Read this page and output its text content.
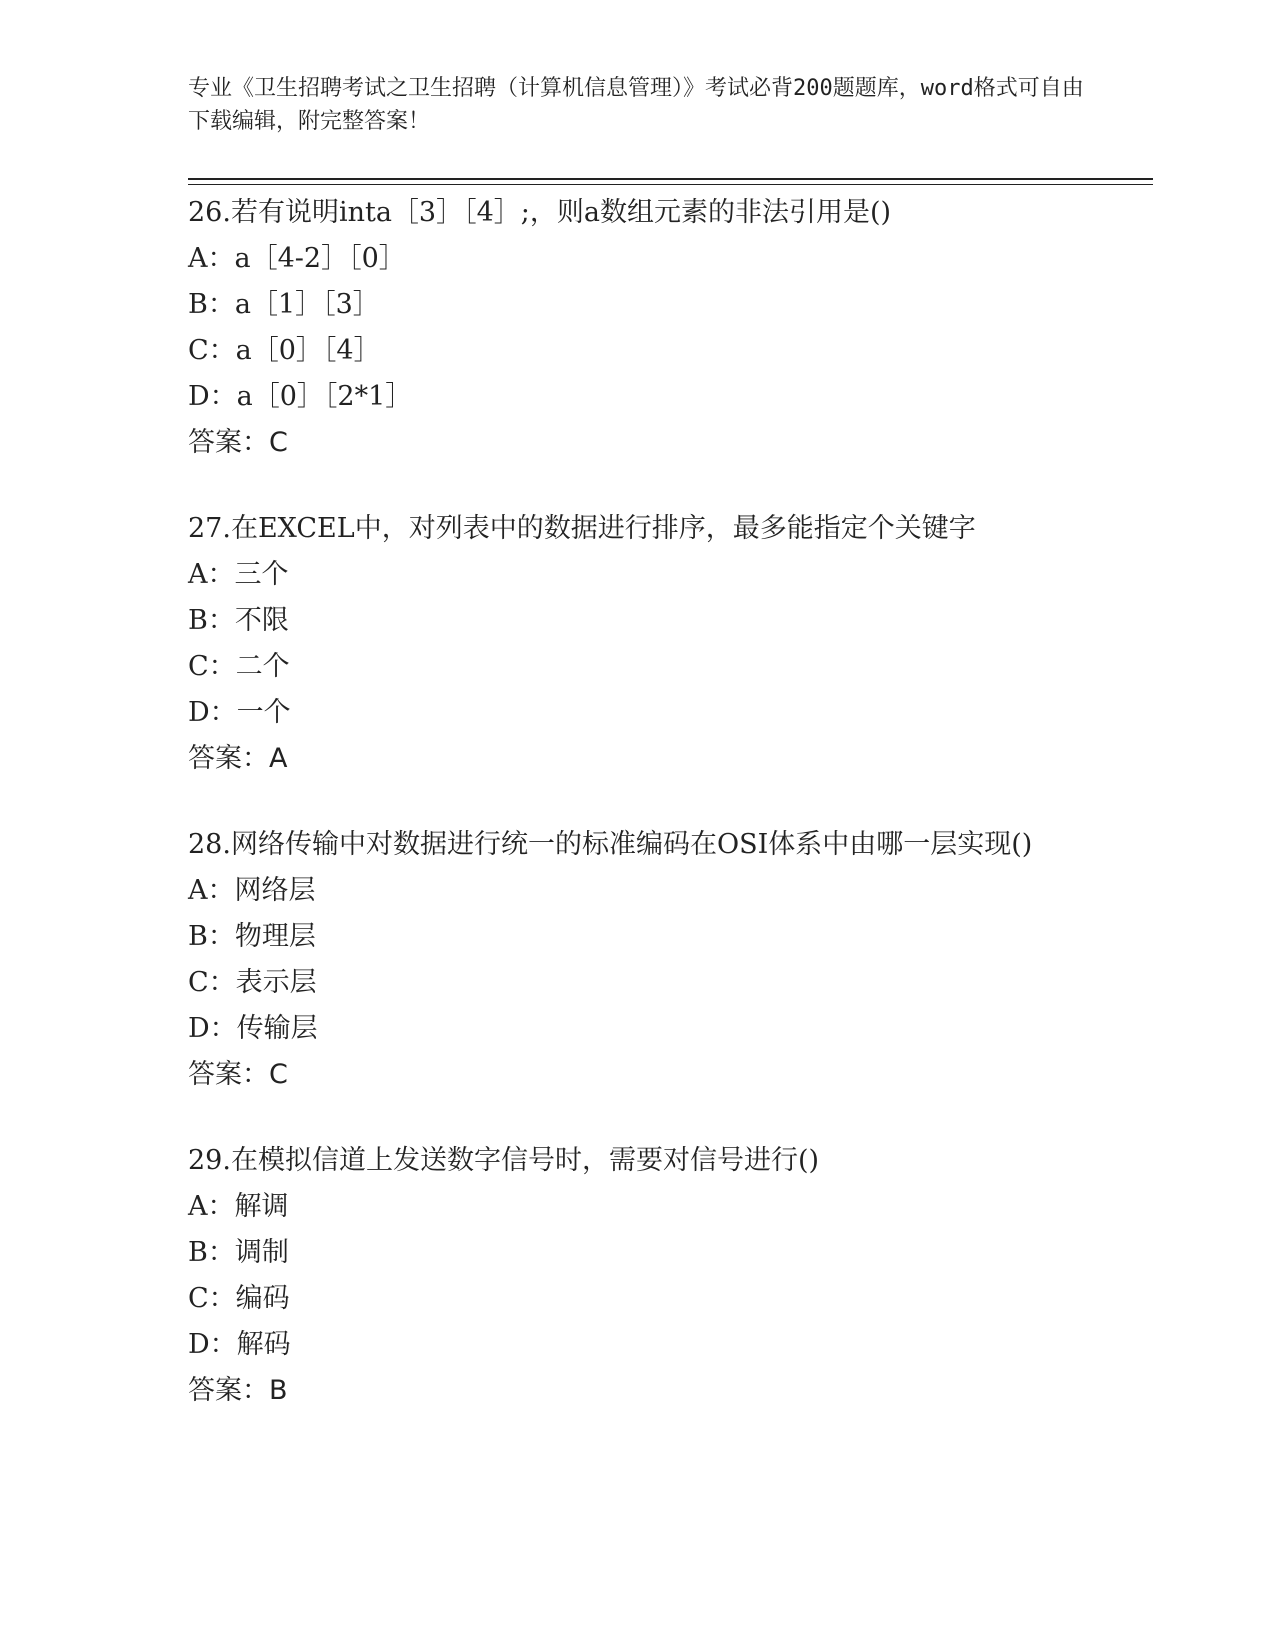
专业《卫生招聘考试之卫生招聘（计算机信息管理）》考试必背200题题库，word格式可自由下载编辑，附完整答案！
26.若有说明inta［3］［4］;，则a数组元素的非法引用是()
A：a［4-2］［0］
B：a［1］［3］
C：a［0］［4］
D：a［0］［2*1］
答案：C
27.在EXCEL中，对列表中的数据进行排序，最多能指定个关键字
A：三个
B：不限
C：二个
D：一个
答案：A
28.网络传输中对数据进行统一的标准编码在OSI体系中由哪一层实现()
A：网络层
B：物理层
C：表示层
D：传输层
答案：C
29.在模拟信道上发送数字信号时，需要对信号进行()
A：解调
B：调制
C：编码
D：解码
答案：B
